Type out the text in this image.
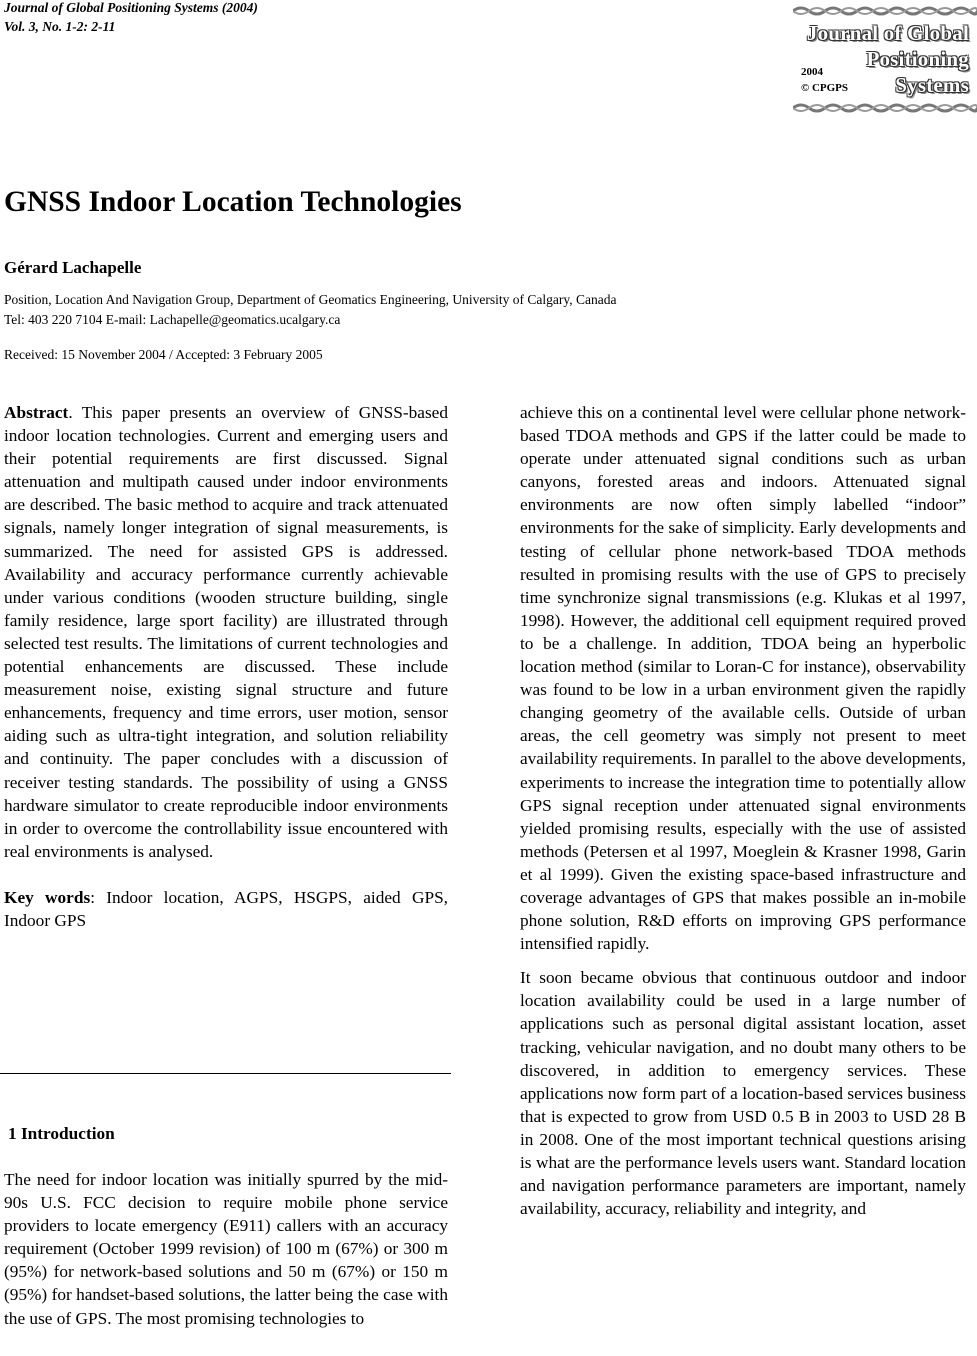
Journal of Global Positioning Systems (2004)
Vol. 3, No. 1-2: 2-11	Journal of Global
Positioning
Systems
2004
© CPGPS
GNSS Indoor Location Technologies
Gérard Lachapelle
Position, Location And Navigation Group, Department of Geomatics Engineering, University of Calgary, Canada
Tel: 403 220 7104 E-mail: Lachapelle@geomatics.ucalgary.ca
Received: 15 November 2004 / Accepted: 3 February 2005

Abstract. This paper presents an overview of GNSS-based indoor location technologies. Current and emerging users and their potential requirements are first discussed. Signal attenuation and multipath caused under indoor environments are described. The basic method to acquire and track attenuated signals, namely longer integration of signal measurements, is summarized. The need for assisted GPS is addressed. Availability and accuracy performance currently achievable under various conditions (wooden structure building, single family residence, large sport facility) are illustrated through selected test results. The limitations of current technologies and potential enhancements are discussed. These include measurement noise, existing signal structure and future enhancements, frequency and time errors, user motion, sensor aiding such as ultra-tight integration, and solution reliability and continuity. The paper concludes with a discussion of receiver testing standards. The possibility of using a GNSS hardware simulator to create reproducible indoor environments in order to overcome the controllability issue encountered with real environments is analysed.

Key words: Indoor location, AGPS, HSGPS, aided GPS, Indoor GPS

1 Introduction

The need for indoor location was initially spurred by the mid-90s U.S. FCC decision to require mobile phone service providers to locate emergency (E911) callers with an accuracy requirement (October 1999 revision) of 100 m (67%) or 300 m (95%) for network-based solutions and 50 m (67%) or 150 m (95%) for handset-based solutions, the latter being the case with the use of GPS. The most promising technologies to

achieve this on a continental level were cellular phone network-based TDOA methods and GPS if the latter could be made to operate under attenuated signal conditions such as urban canyons, forested areas and indoors. Attenuated signal environments are now often simply labelled “indoor” environments for the sake of simplicity. Early developments and testing of cellular phone network-based TDOA methods resulted in promising results with the use of GPS to precisely time synchronize signal transmissions (e.g. Klukas et al 1997, 1998). However, the additional cell equipment required proved to be a challenge. In addition, TDOA being an hyperbolic location method (similar to Loran-C for instance), observability was found to be low in a urban environment given the rapidly changing geometry of the available cells. Outside of urban areas, the cell geometry was simply not present to meet availability requirements. In parallel to the above developments, experiments to increase the integration time to potentially allow GPS signal reception under attenuated signal environments yielded promising results, especially with the use of assisted methods (Petersen et al 1997, Moeglein & Krasner 1998, Garin et al 1999). Given the existing space-based infrastructure and coverage advantages of GPS that makes possible an in-mobile phone solution, R&D efforts on improving GPS performance intensified rapidly.

It soon became obvious that continuous outdoor and indoor location availability could be used in a large number of applications such as personal digital assistant location, asset tracking, vehicular navigation, and no doubt many others to be discovered, in addition to emergency services. These applications now form part of a location-based services business that is expected to grow from USD 0.5 B in 2003 to USD 28 B in 2008. One of the most important technical questions arising is what are the performance levels users want. Standard location and navigation performance parameters are important, namely availability, accuracy, reliability and integrity, and
